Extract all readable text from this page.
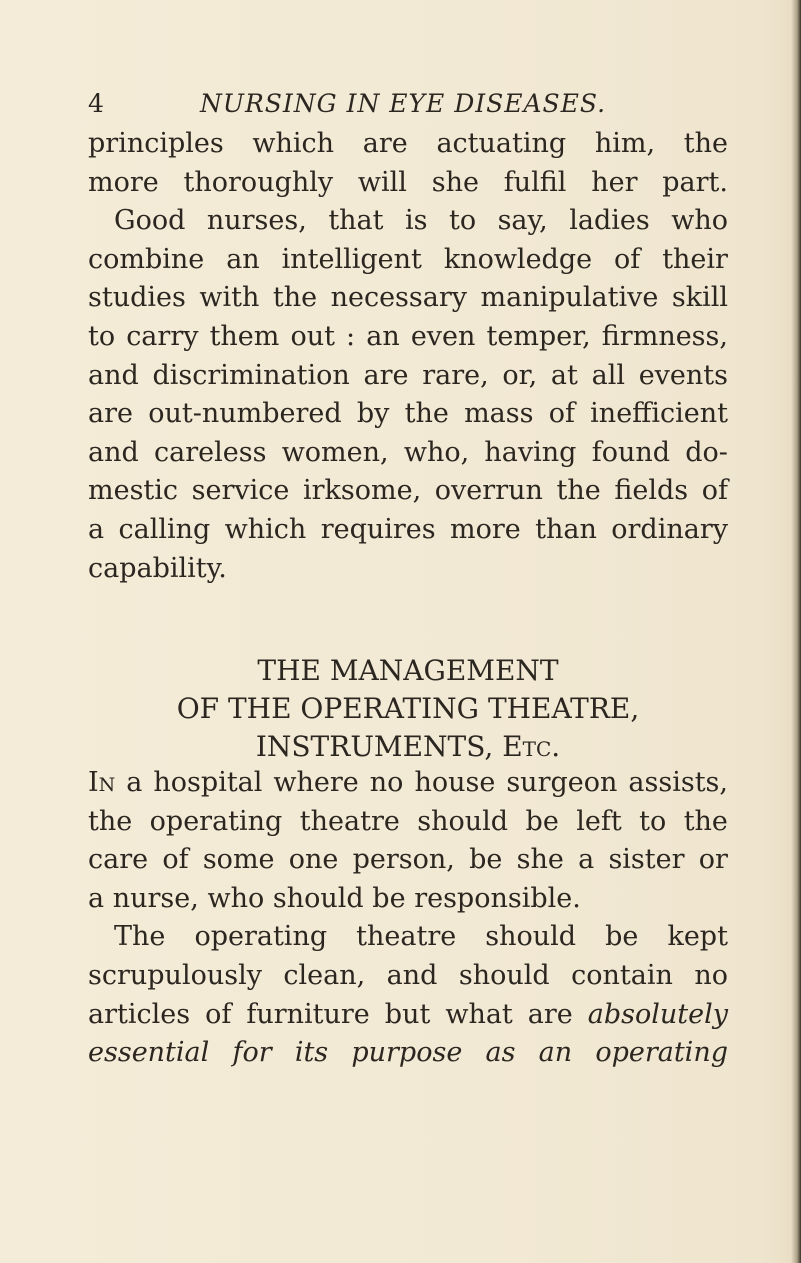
4	NURSING IN EYE DISEASES.
principles which are actuating him, the
more thoroughly will she fulfil her part.
Good nurses, that is to say, ladies who
combine an intelligent knowledge of their
studies with the necessary manipulative skill
to carry them out : an even temper, firmness,
and discrimination are rare, or, at all events
are out-numbered by the mass of inefficient
and careless women, who, having found do-
mestic service irksome, overrun the fields of
a calling which requires more than ordinary
capability.
THE MANAGEMENT
OF THE OPERATING THEATRE,
INSTRUMENTS, Etc.
In a hospital where no house surgeon assists,
the operating theatre should be left to the
care of some one person, be she a sister or
a nurse, who should be responsible.
The operating theatre should be kept
scrupulously clean, and should contain no
articles of furniture but what are absolutely
essential for its purpose as an operating
